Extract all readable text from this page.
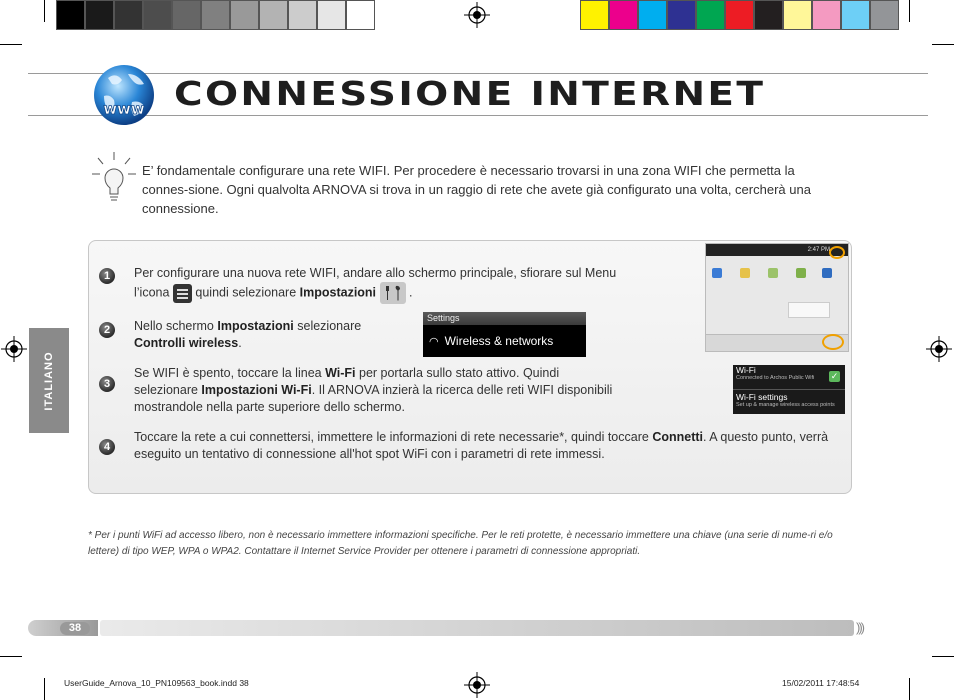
www CONNESSIONE INTERNET
E’ fondamentale configurare una rete WIFI. Per procedere è necessario trovarsi in una zona WIFI che permetta la connes-sione. Ogni qualvolta ARNOVA si trova in un raggio di rete che avete già configurato una volta, cercherà una connessione.
1	Per configurare una nuova rete WIFI, andare allo schermo principale, sfiorare sul Menu l’icona
quindi selezionare Impostazioni  .
2	Nello schermo Impostazioni selezionare
Controlli wireless.
3
Se WIFI è spento, toccare la linea Wi-Fi per portarla sullo stato attivo. Quindi selezionare Impostazioni Wi-Fi. Il ARNOVA inzierà la ricerca delle reti WIFI disponibili mostrandole nella parte superiore dello schermo.
4
Toccare la rete a cui connettersi, immettere le informazioni di rete necessarie*, quindi toccare Connetti. A questo punto, verrà eseguito un tentativo di connessione all'hot spot WiFi con i parametri di rete immessi.
2:47 PM
Settings
◠ Wireless & networks
Wi-Fi
Connected to Archos Public Wifi	✓
Wi-Fi settings
Set up & manage wireless access points
* Per i punti WiFi ad accesso libero, non è necessario immettere informazioni specifiche. Per le reti protette, è necessario immettere una chiave (una serie di nume-ri e/o lettere) di tipo WEP, WPA o WPA2. Contattare il Internet Service Provider per ottenere i parametri di connessione appropriati.
ITALIANO
38	)))
UserGuide_Arnova_10_PN109563_book.indd 38	15/02/2011 17:48:54
